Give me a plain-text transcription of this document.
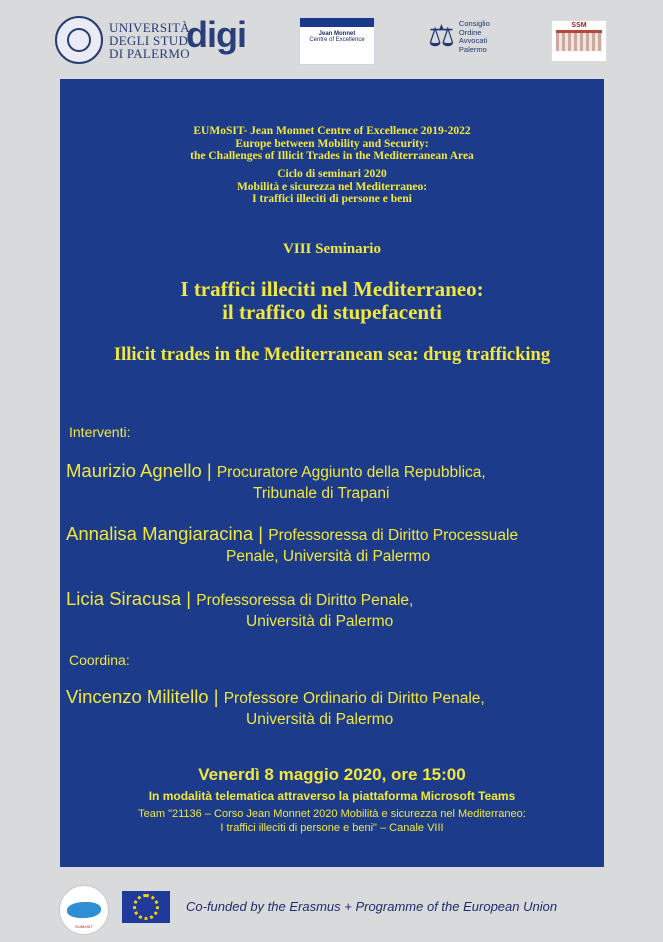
UNIVERSITÀ
DEGLI STUDI
DI PALERMO
digi
	Jean Monnet
Centre of Excellence ⚖ Consiglio
Ordine
Avvocati
Palermo
SSM
EUMoSIT- Jean Monnet Centre of Excellence 2019-2022
Europe between Mobility and Security:
the Challenges of Illicit Trades in the Mediterranean Area
Ciclo di seminari 2020
Mobilità e sicurezza nel Mediterraneo:
I traffici illeciti di persone e beni
VIII Seminario
I traffici illeciti nel Mediterraneo:
il traffico di stupefacenti
Illicit trades in the Mediterranean sea: drug trafficking
Interventi:
Maurizio Agnello | Procuratore Aggiunto della Repubblica,
Tribunale di Trapani
Annalisa Mangiaracina | Professoressa di Diritto Processuale
Penale, Università di Palermo
Licia Siracusa | Professoressa di Diritto Penale,
Università di Palermo
Coordina:
Vincenzo Militello | Professore Ordinario di Diritto Penale,
Università di Palermo
Venerdì 8 maggio 2020, ore 15:00
In modalità telematica attraverso la piattaforma Microsoft Teams
Team "21136 – Corso Jean Monnet 2020 Mobilità e sicurezza nel Mediterraneo:
I traffici illeciti di persone e beni" – Canale VIII
EUMoSIT
Co-funded by the Erasmus + Programme of the European Union
